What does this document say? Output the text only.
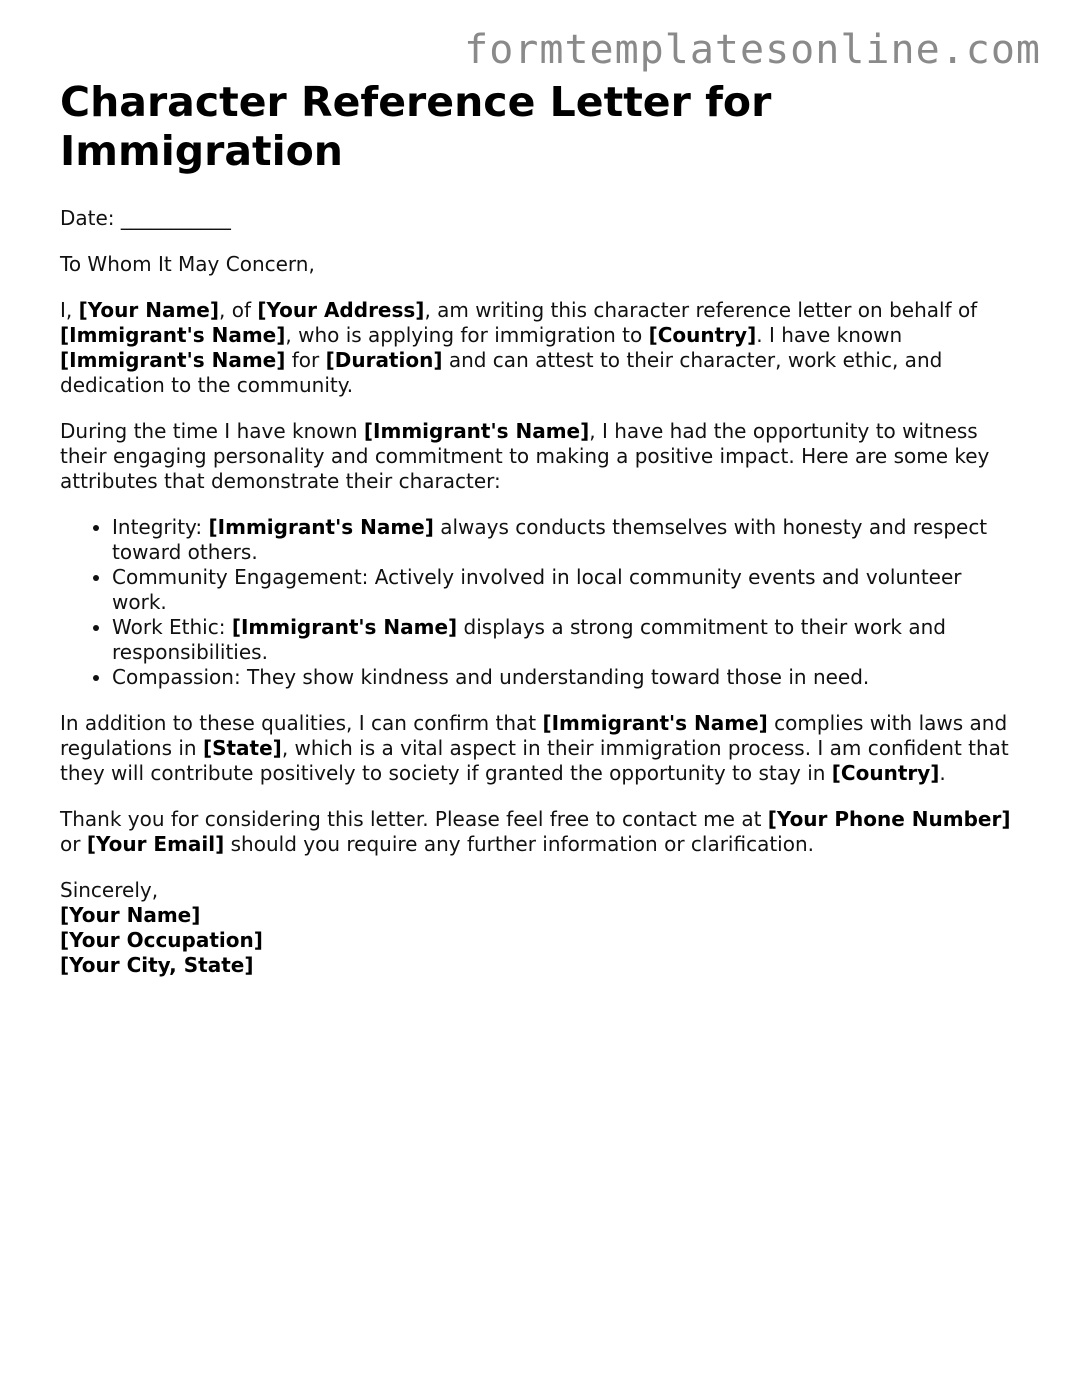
formtemplatesonline.com
Character Reference Letter for Immigration

Date: ___________

To Whom It May Concern,

I, [Your Name], of [Your Address], am writing this character reference letter on behalf of [Immigrant's Name], who is applying for immigration to [Country]. I have known [Immigrant's Name] for [Duration] and can attest to their character, work ethic, and dedication to the community.

During the time I have known [Immigrant's Name], I have had the opportunity to witness their engaging personality and commitment to making a positive impact. Here are some key attributes that demonstrate their character:

• Integrity: [Immigrant's Name] always conducts themselves with honesty and respect toward others.
• Community Engagement: Actively involved in local community events and volunteer work.
• Work Ethic: [Immigrant's Name] displays a strong commitment to their work and responsibilities.
• Compassion: They show kindness and understanding toward those in need.

In addition to these qualities, I can confirm that [Immigrant's Name] complies with laws and regulations in [State], which is a vital aspect in their immigration process. I am confident that they will contribute positively to society if granted the opportunity to stay in [Country].

Thank you for considering this letter. Please feel free to contact me at [Your Phone Number] or [Your Email] should you require any further information or clarification.

Sincerely,
[Your Name]
[Your Occupation]
[Your City, State]
